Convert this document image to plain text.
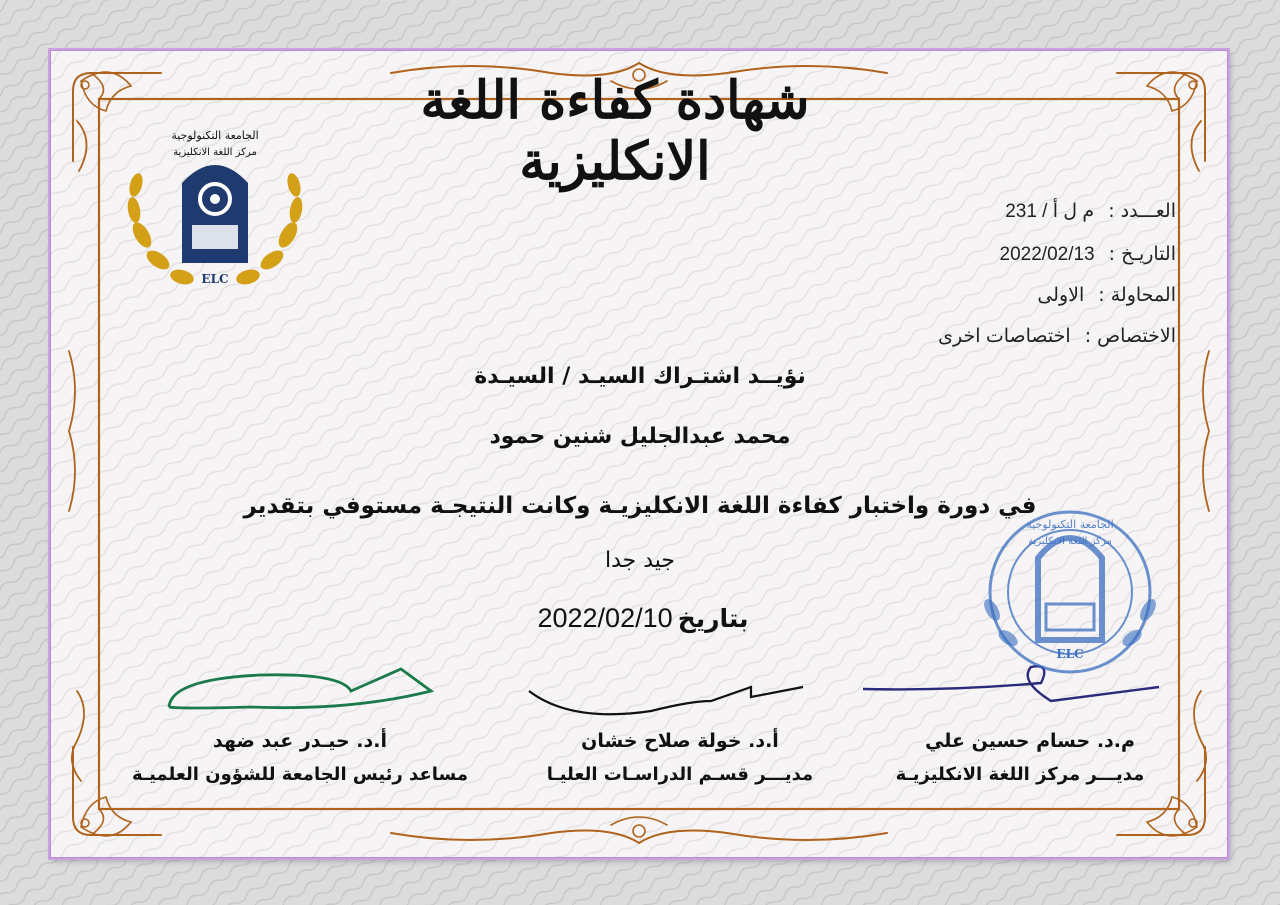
شهادة كفاءة اللغة الانكليزية
الجامعة التكنولوجية
مركز اللغة الانكليزية
ELC
العـــدد : م ل أ / 231
التاريـخ : 2022/02/13
المحاولة : الاولى
الاختصاص : اختصاصات اخرى
نؤيــد اشتـراك السيـد / السيـدة
محمد عبدالجليل شنين حمود
في دورة واختبار كفاءة اللغة الانكليزيـة وكانت النتيجـة مستوفي بتقدير
جيد جدا
2022/02/10 بتاريخ
الجامعة التكنولوجية
مركز اللغة الانكليزية
ELC
م.د. حسام حسين علي
مديـــر مركز اللغة الانكليزيـة
أ.د. خولة صلاح خشان
مديـــر قسـم الدراسـات العليـا
أ.د. حيـدر عبد ضهد
مساعد رئيس الجامعة للشؤون العلميـة
